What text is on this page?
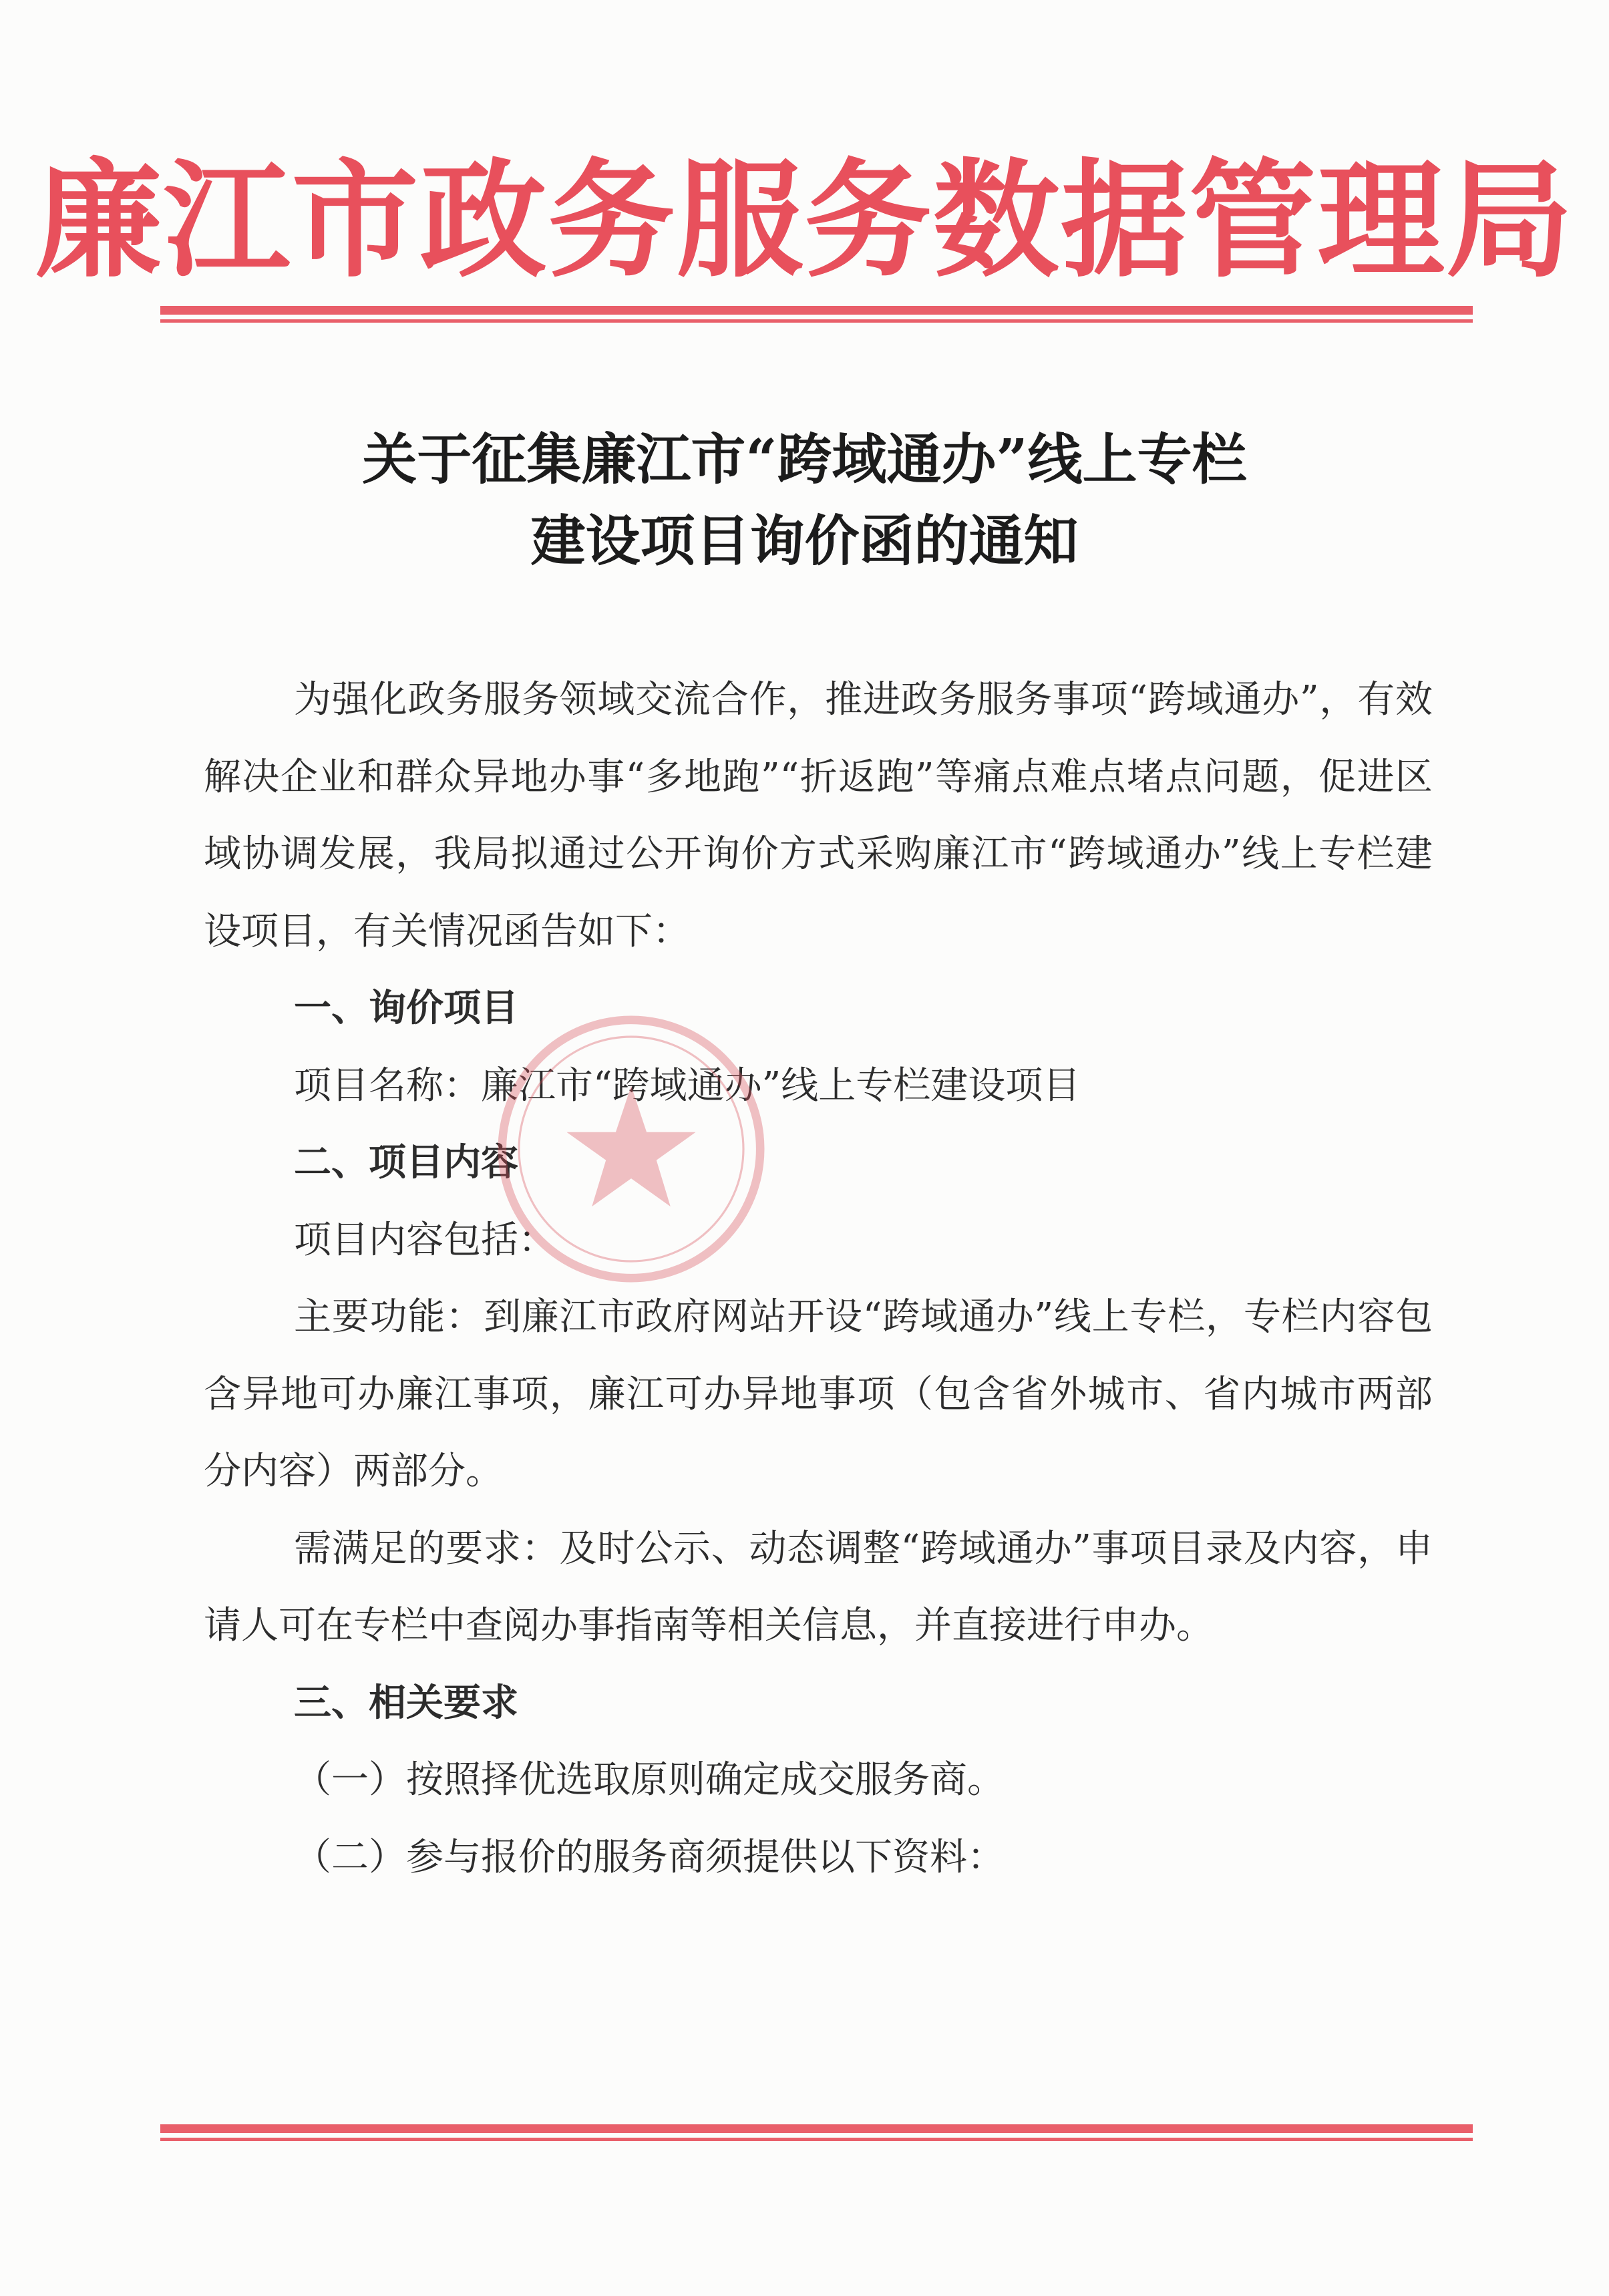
廉江市政务服务数据管理局
关于征集廉江市“跨域通办”线上专栏
建设项目询价函的通知

为强化政务服务领域交流合作，推进政务服务事项“跨域通办”，有效解决企业和群众异地办事“多地跑”“折返跑”等痛点难点堵点问题，促进区域协调发展，我局拟通过公开询价方式采购廉江市“跨域通办”线上专栏建设项目，有关情况函告如下：

一、询价项目

项目名称：廉江市“跨域通办”线上专栏建设项目

二、项目内容

项目内容包括：

主要功能：到廉江市政府网站开设“跨域通办”线上专栏，专栏内容包含异地可办廉江事项，廉江可办异地事项（包含省外城市、省内城市两部分内容）两部分。

需满足的要求：及时公示、动态调整“跨域通办”事项目录及内容，申请人可在专栏中查阅办事指南等相关信息，并直接进行申办。

三、相关要求

（一）按照择优选取原则确定成交服务商。

（二）参与报价的服务商须提供以下资料：
